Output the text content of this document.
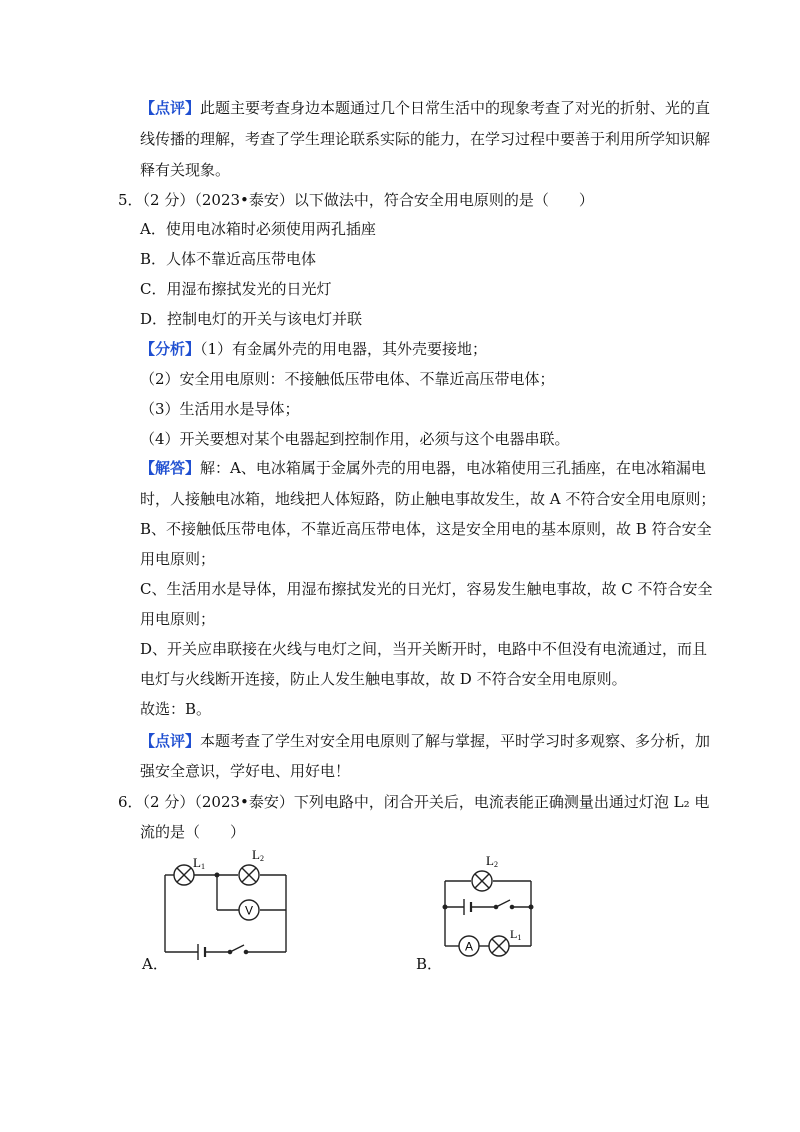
【点评】此题主要考查身边本题通过几个日常生活中的现象考查了对光的折射、光的直
线传播的理解，考查了学生理论联系实际的能力，在学习过程中要善于利用所学知识解
释有关现象。
5．（2 分）（2023•泰安）以下做法中，符合安全用电原则的是（　　）
A．使用电冰箱时必须使用两孔插座
B．人体不靠近高压带电体
C．用湿布擦拭发光的日光灯
D．控制电灯的开关与该电灯并联
【分析】（1）有金属外壳的用电器，其外壳要接地；
（2）安全用电原则：不接触低压带电体、不靠近高压带电体；
（3）生活用水是导体；
（4）开关要想对某个电器起到控制作用，必须与这个电器串联。
【解答】解：A、电冰箱属于金属外壳的用电器，电冰箱使用三孔插座，在电冰箱漏电
时，人接触电冰箱，地线把人体短路，防止触电事故发生，故 A 不符合安全用电原则；
B、不接触低压带电体，不靠近高压带电体，这是安全用电的基本原则，故 B 符合安全
用电原则；
C、生活用水是导体，用湿布擦拭发光的日光灯，容易发生触电事故，故 C 不符合安全
用电原则；
D、开关应串联接在火线与电灯之间，当开关断开时，电路中不但没有电流通过，而且
电灯与火线断开连接，防止人发生触电事故，故 D 不符合安全用电原则。
故选：B。
【点评】本题考查了学生对安全用电原则了解与掌握，平时学习时多观察、多分析，加
强安全意识，学好电、用好电！
6．（2 分）（2023•泰安）下列电路中，闭合开关后，电流表能正确测量出通过灯泡 L₂ 电
流的是（　　）
L1
L2
V
A．
L2
A
L1
B．
